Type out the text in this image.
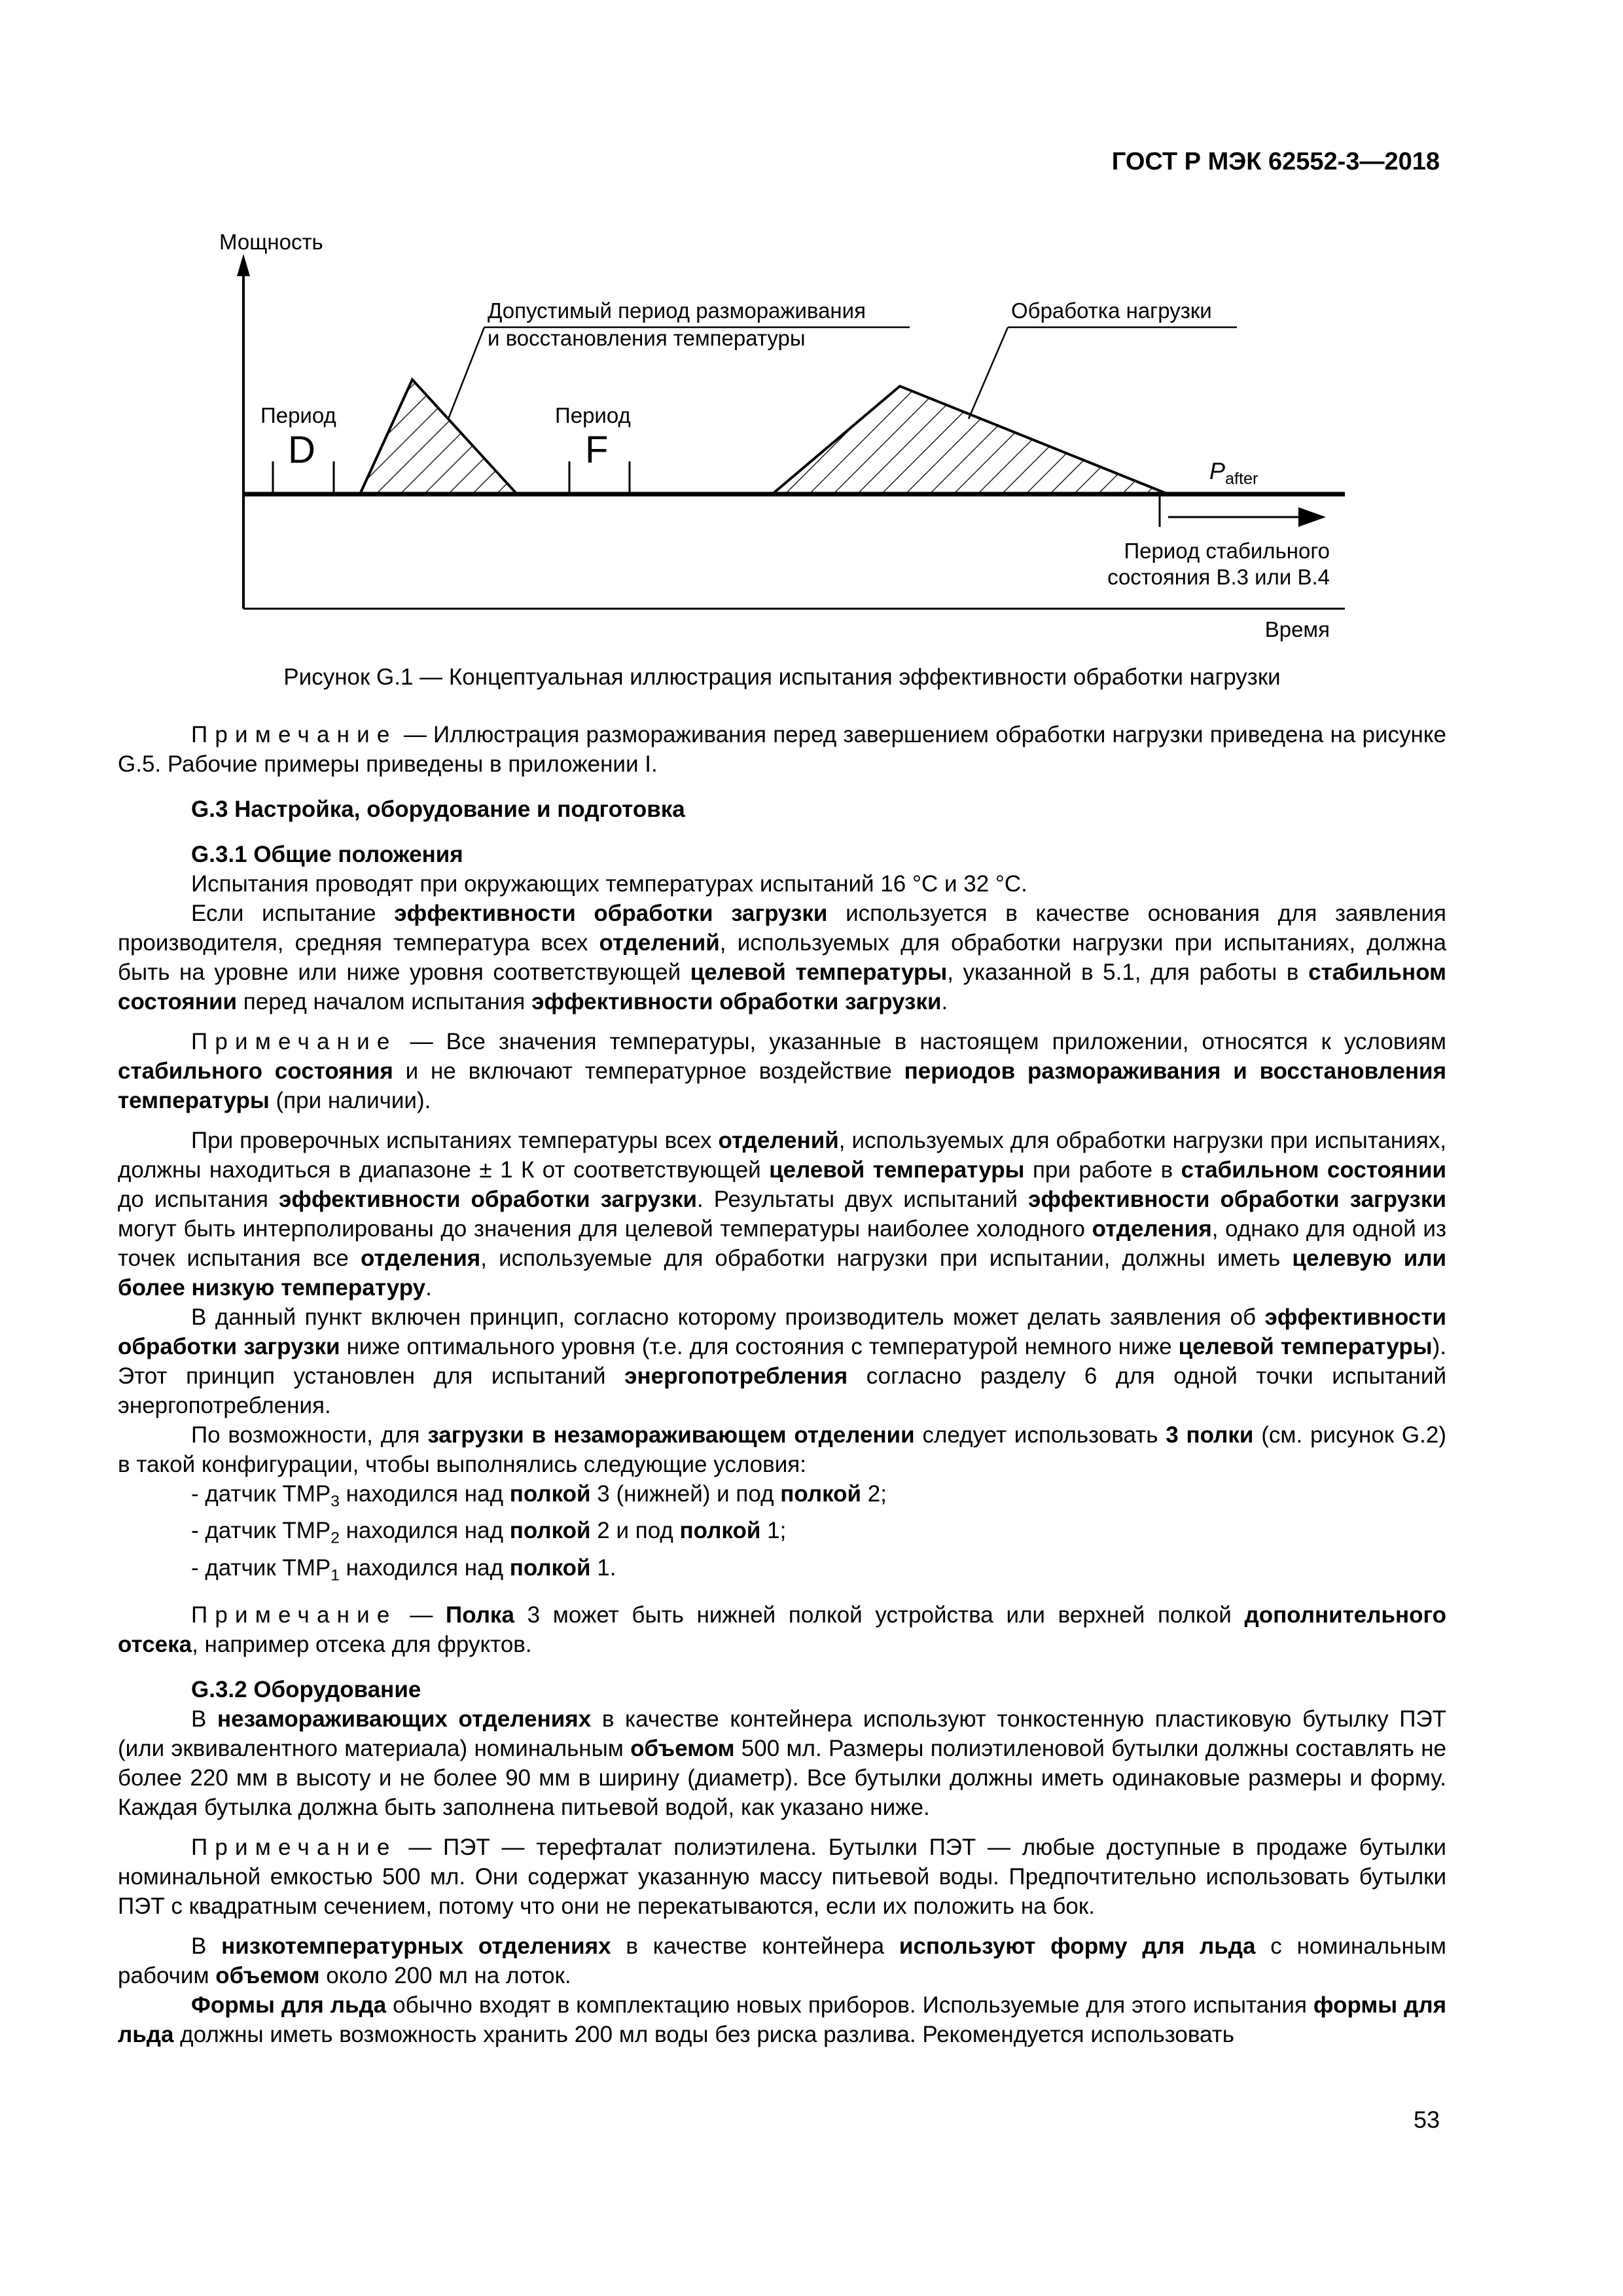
ГОСТ Р МЭК 62552-3—2018
Мощность
Допустимый период размораживания
и восстановления температуры
Обработка нагрузки
Период
D
Период
F	$P_{after}$
Период стабильного
состояния B.3 или B.4
Время
Рисунок G.1 — Концептуальная иллюстрация испытания эффективности обработки нагрузки

Примечание — Иллюстрация размораживания перед завершением обработки нагрузки приведена на рисунке G.5. Рабочие примеры приведены в приложении I.

G.3 Настройка, оборудование и подготовка

G.3.1 Общие положения

Испытания проводят при окружающих температурах испытаний 16 °С и 32 °С.

Если испытание эффективности обработки загрузки используется в качестве основания для заявления производителя, средняя температура всех отделений, используемых для обработки нагрузки при испытаниях, должна быть на уровне или ниже уровня соответствующей целевой температуры, указанной в 5.1, для работы в стабильном состоянии перед началом испытания эффективности обработки загрузки.

Примечание — Все значения температуры, указанные в настоящем приложении, относятся к условиям стабильного состояния и не включают температурное воздействие периодов размораживания и восстановления температуры (при наличии).

При проверочных испытаниях температуры всех отделений, используемых для обработки нагрузки при испытаниях, должны находиться в диапазоне ± 1 К от соответствующей целевой температуры при работе в стабильном состоянии до испытания эффективности обработки загрузки. Результаты двух испытаний эффективности обработки загрузки могут быть интерполированы до значения для целевой температуры наиболее холодного отделения, однако для одной из точек испытания все отделения, используемые для обработки нагрузки при испытании, должны иметь целевую или более низкую температуру.

В данный пункт включен принцип, согласно которому производитель может делать заявления об эффективности обработки загрузки ниже оптимального уровня (т.е. для состояния с температурой немного ниже целевой температуры). Этот принцип установлен для испытаний энергопотребления согласно разделу 6 для одной точки испытаний энергопотребления.

По возможности, для загрузки в незамораживающем отделении следует использовать 3 полки (см. рисунок G.2) в такой конфигурации, чтобы выполнялись следующие условия:

- датчик $TMP_3$ находился над полкой 3 (нижней) и под полкой 2;

- датчик $TMP_2$ находился над полкой 2 и под полкой 1;

- датчик $TMP_1$ находился над полкой 1.

Примечание — Полка 3 может быть нижней полкой устройства или верхней полкой дополнительного отсека, например отсека для фруктов.

G.3.2 Оборудование

В незамораживающих отделениях в качестве контейнера используют тонкостенную пластиковую бутылку ПЭТ (или эквивалентного материала) номинальным объемом 500 мл. Размеры полиэтиленовой бутылки должны составлять не более 220 мм в высоту и не более 90 мм в ширину (диаметр). Все бутылки должны иметь одинаковые размеры и форму. Каждая бутылка должна быть заполнена питьевой водой, как указано ниже.

Примечание — ПЭТ — терефталат полиэтилена. Бутылки ПЭТ — любые доступные в продаже бутылки номинальной емкостью 500 мл. Они содержат указанную массу питьевой воды. Предпочтительно использовать бутылки ПЭТ с квадратным сечением, потому что они не перекатываются, если их положить на бок.

В низкотемпературных отделениях в качестве контейнера используют форму для льда с номинальным рабочим объемом около 200 мл на лоток.

Формы для льда обычно входят в комплектацию новых приборов. Используемые для этого испытания формы для льда должны иметь возможность хранить 200 мл воды без риска разлива. Рекомендуется использовать

53
